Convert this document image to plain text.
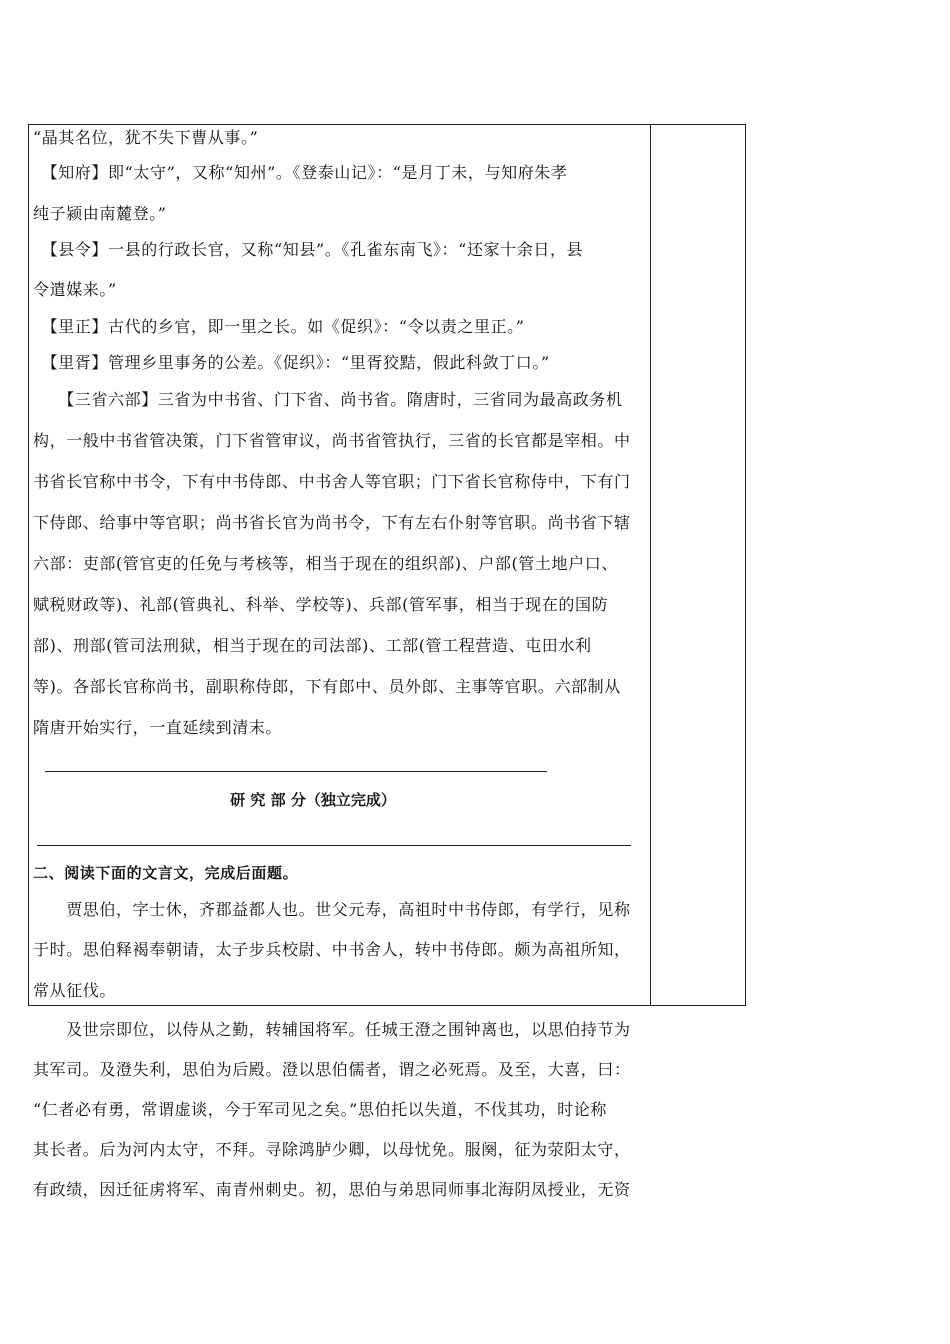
“晶其名位，犹不失下曹从事。”
　【知府】即“太守”，又称“知州”。《登泰山记》：“是月丁未，与知府朱孝
纯子颍由南麓登。”
　【县令】一县的行政长官，又称“知县”。《孔雀东南飞》：“还家十余日，县
令遣媒来。”
　【里正】古代的乡官，即一里之长。如《促织》：“令以责之里正。”
　【里胥】管理乡里事务的公差。《促织》：“里胥狡黠，假此科敛丁口。”
　　【三省六部】三省为中书省、门下省、尚书省。隋唐时，三省同为最高政务机
构，一般中书省管决策，门下省管审议，尚书省管执行，三省的长官都是宰相。中
书省长官称中书令，下有中书侍郎、中书舍人等官职；门下省长官称侍中，下有门
下侍郎、给事中等官职；尚书省长官为尚书令，下有左右仆射等官职。尚书省下辖
六部：吏部(管官吏的任免与考核等，相当于现在的组织部)、户部(管土地户口、
赋税财政等)、礼部(管典礼、科举、学校等)、兵部(管军事，相当于现在的国防
部)、刑部(管司法刑狱，相当于现在的司法部)、工部(管工程营造、屯田水利
等)。各部长官称尚书，副职称侍郎，下有郎中、员外郎、主事等官职。六部制从
隋唐开始实行，一直延续到清末。
研 究 部 分（独立完成）
二、阅读下面的文言文，完成后面题。
　　贾思伯，字士休，齐郡益都人也。世父元寿，高祖时中书侍郎，有学行，见称
于时。思伯释褐奉朝请，太子步兵校尉、中书舍人，转中书侍郎。颇为高祖所知，
常从征伐。
　　及世宗即位，以侍从之勤，转辅国将军。任城王澄之围钟离也，以思伯持节为
其军司。及澄失利，思伯为后殿。澄以思伯儒者，谓之必死焉。及至，大喜，曰：
“仁者必有勇，常谓虚谈，今于军司见之矣。”思伯托以失道，不伐其功，时论称
其长者。后为河内太守，不拜。寻除鸿胪少卿，以母忧免。服阕，征为荥阳太守，
有政绩，因迁征虏将军、南青州刺史。初，思伯与弟思同师事北海阴凤授业，无资
